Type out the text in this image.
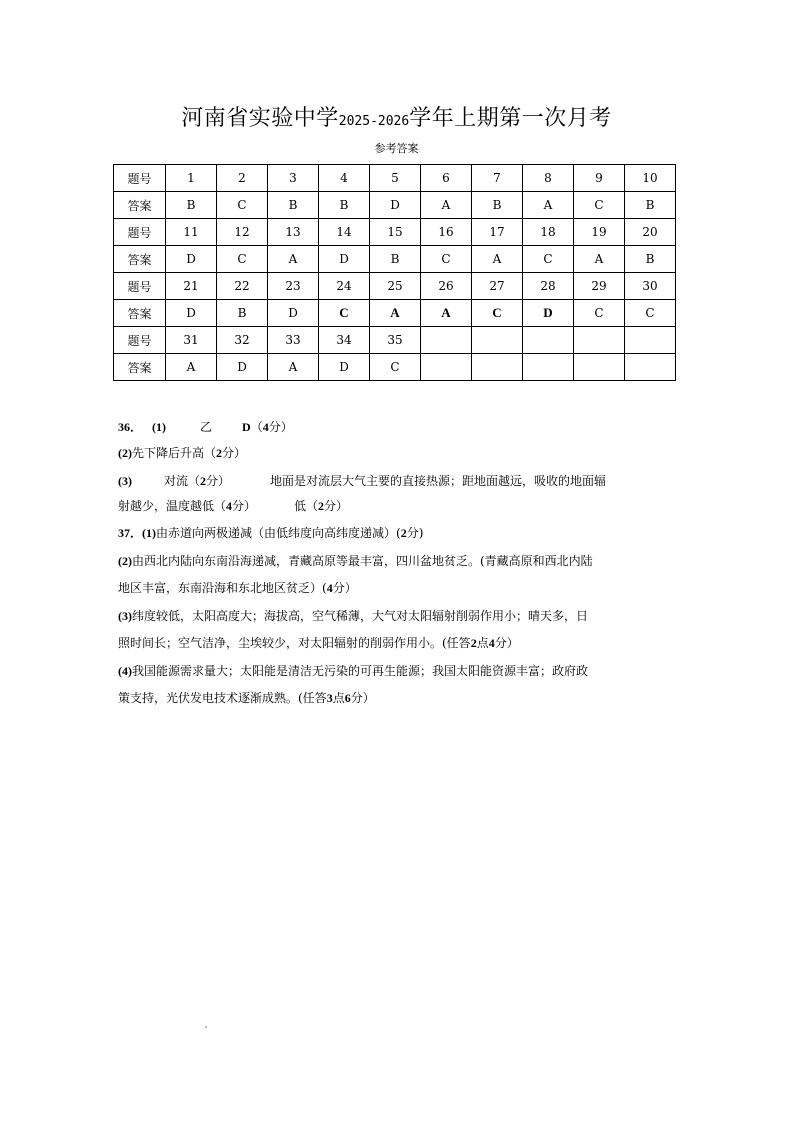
河南省实验中学2025-2026学年上期第一次月考
参考答案
题号	1	2	3	4	5	6	7	8	9	10
答案	B	C	B	B	D	A	B	A	C	B
题号	11	12	13	14	15	16	17	18	19	20
答案	D	C	A	D	B	C	A	C	A	B
题号	21	22	23	24	25	26	27	28	29	30
答案	D	B	D	C	A	A	C	D	C	C
题号	31	32	33	34	35					
答案	A	D	A	D	C					
36． (1)	乙	D（4分）
(2)先下降后升高（2分）
(3)	对流（2分）	地面是对流层大气主要的直接热源；距地面越远，吸收的地面辐
射越少，温度越低（4分）	低（2分）
37．(1)由赤道向两极递减（由低纬度向高纬度递减）(2分)
(2)由西北内陆向东南沿海递减，青藏高原等最丰富，四川盆地贫乏。(青藏高原和西北内陆
地区丰富，东南沿海和东北地区贫乏）(4分）
(3)纬度较低，太阳高度大；海拔高，空气稀薄，大气对太阳辐射削弱作用小；晴天多，日
照时间长；空气洁净，尘埃较少，对太阳辐射的削弱作用小。(任答2点4分）
(4)我国能源需求量大；太阳能是清洁无污染的可再生能源；我国太阳能资源丰富；政府政
策支持，光伏发电技术逐渐成熟。(任答3点6分）
